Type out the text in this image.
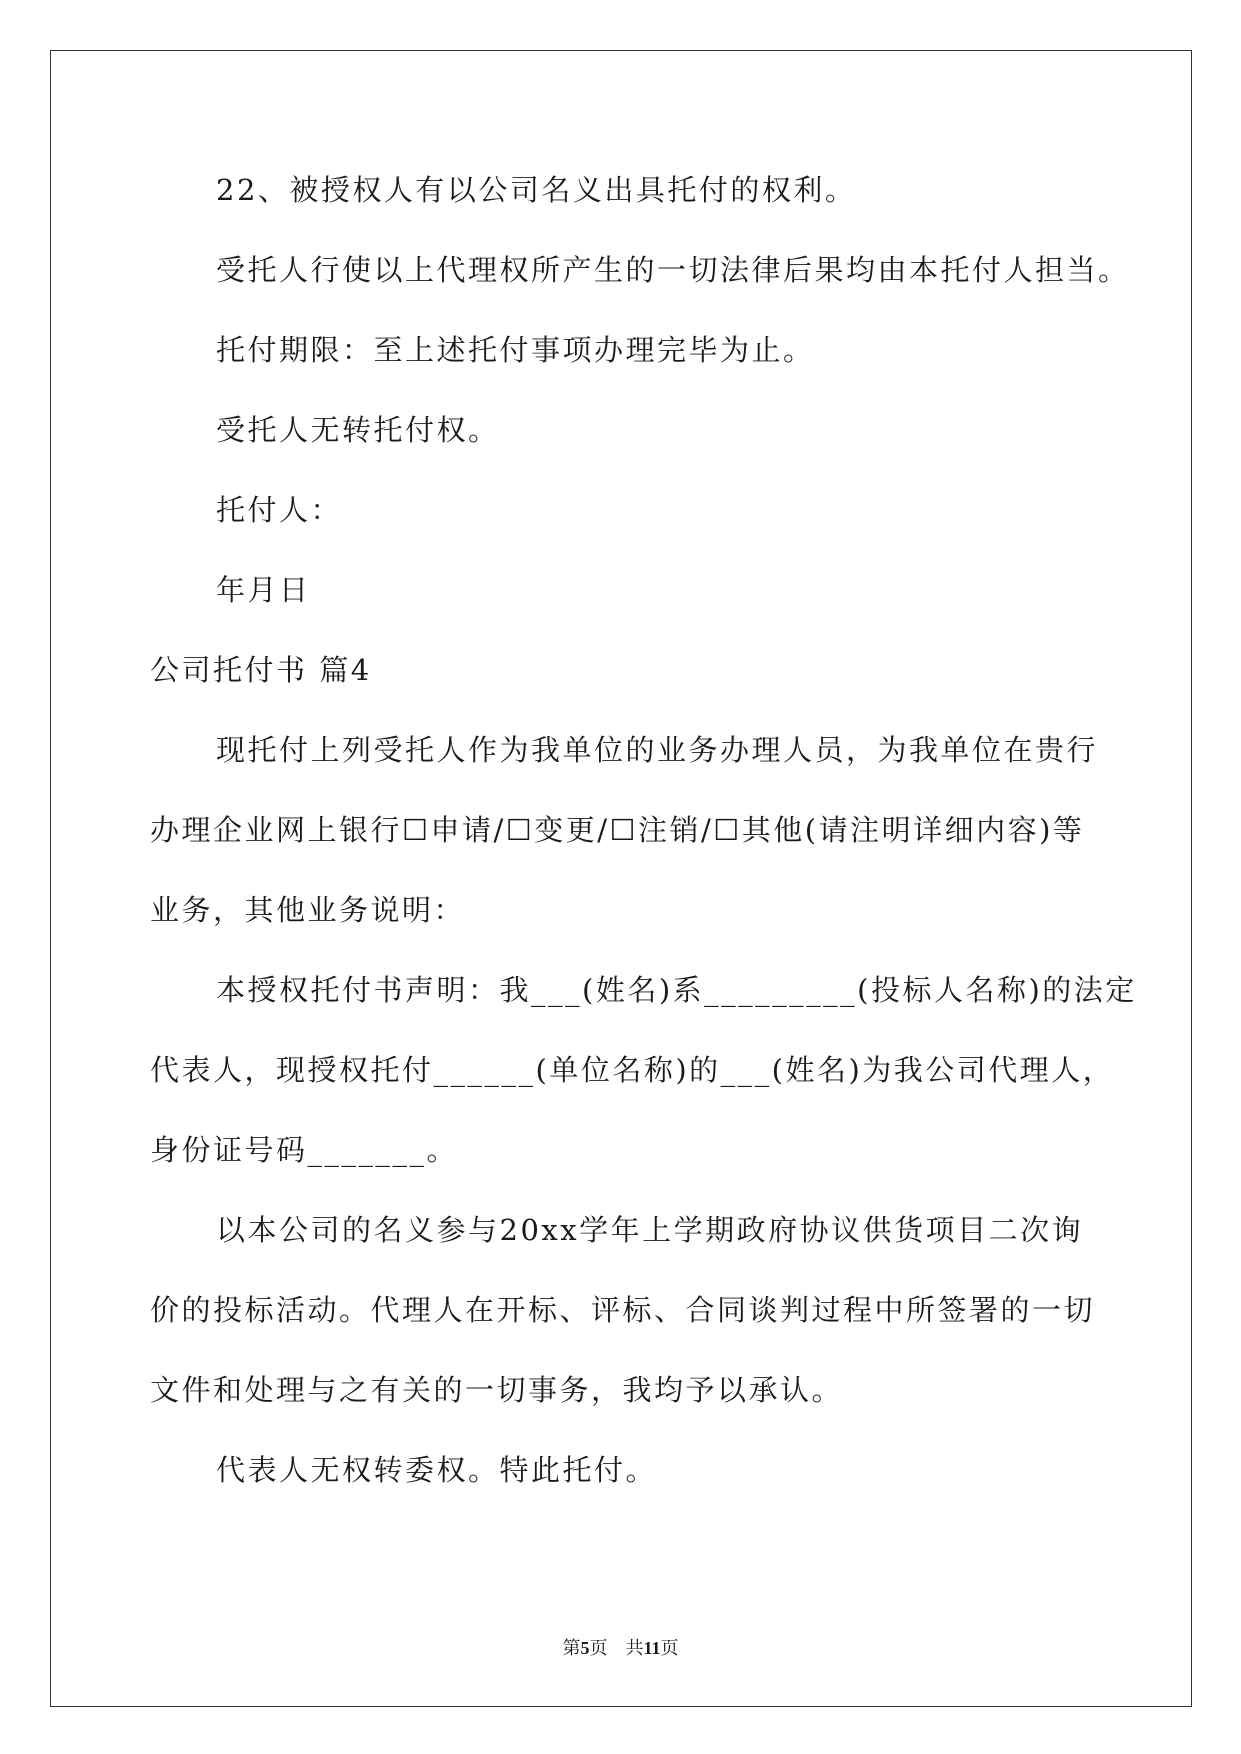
22、被授权人有以公司名义出具托付的权利。
受托人行使以上代理权所产生的一切法律后果均由本托付人担当。
托付期限：至上述托付事项办理完毕为止。
受托人无转托付权。
托付人：
年月日
公司托付书 篇4
现托付上列受托人作为我单位的业务办理人员，为我单位在贵行
办理企业网上银行☐申请/☐变更/☐注销/☐其他(请注明详细内容)等
业务，其他业务说明：
本授权托付书声明：我___(姓名)系_________(投标人名称)的法定
代表人，现授权托付______(单位名称)的___(姓名)为我公司代理人，
身份证号码_______。
以本公司的名义参与20xx学年上学期政府协议供货项目二次询
价的投标活动。代理人在开标、评标、合同谈判过程中所签署的一切
文件和处理与之有关的一切事务，我均予以承认。
代表人无权转委权。特此托付。
第5页　共11页
